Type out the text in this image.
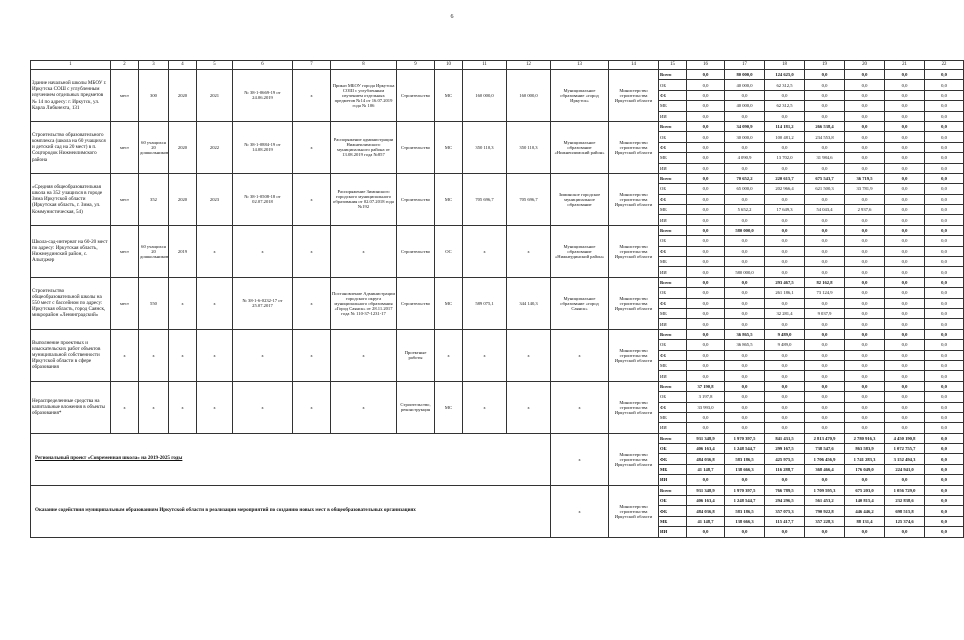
6
1	2	3	4	5	6	7	8	9	10	11	12	13	14	15	16	17	18	19	20	21	22
Здание начальной школы МБОУ г. Иркутска СОШ с углубленным изучением отдельных предметов № 14 по адресу: г. Иркутск, ул. Карла Либкнехта, 131	мест	300	2020	2021	№ 38-1-0669-19 от 24.06.2019	x	Приказ МБОУ города Иркутска СОШ с углубленным изучением отдельных предметов №14 от 16.07.2019 года № 106	Строительство	МС	160 000,0	160 000,0	Муниципальное образование «город Иркутск»	Министерство строительства Иркутской области	Всего	0,0	80 000,0	124 625,0	0,0	0,0	0,0	0,0
														ОБ	0,0	40 000,0	62 312,5	0,0	0,0	0,0	0,0
														ФБ	0,0	0,0	0,0	0,0	0,0	0,0	0,0
														МБ	0,0	40 000,0	62 312,5	0,0	0,0	0,0	0,0
														ИИ	0,0	0,0	0,0	0,0	0,0	0,0	0,0
Строительство образовательного комплекса (школа на 60 учащихся и детский сад на 20 мест) в п. Соцгородок Нижнеилимского района	мест	60 учащихся 20 дошкольников	2020	2022	№ 38-1-0884-19 от 14.08.2019	x	Распоряжение администрации Нижнеилимского муниципального района от 13.08.2019 года №857	Строительство	МС	350 110,3	350 110,3	Муниципальное образование «Нижнеилимский район»	Министерство строительства Иркутской области	Всего	0,0	34 090,9	114 181,2	266 538,4	0,0	0,0	0,0
														ОБ	0,0	30 000,0	100 481,2	234 553,8	0,0	0,0	0,0
														ФБ	0,0	0,0	0,0	0,0	0,0	0,0	0,0
														МБ	0,0	4 090,9	13 702,0	31 984,6	0,0	0,0	0,0
														ИИ	0,0	0,0	0,0	0,0	0,0	0,0	0,0
«Средняя общеобразовательная школа на 352 учащихся в городе Зима Иркутской области (Иркутская область, г. Зима, ул. Коммунистическая, 54)	мест	352	2020	2023	№ 38-1-0508-18 от 02.07.2018	x	Распоряжение Зиминского городского муниципального образования от 02.07.2018 года №192	Строительство	МС	705 696,7	705 696,7	Зиминское городское муниципальное образование	Министерство строительства Иркутской области	Всего	0,0	70 652,2	220 615,7	675 543,7	36 719,5	0,0	0,0
														ОБ	0,0	65 000,0	202 966,4	621 500,3	33 781,9	0,0	0,0
														ФБ	0,0	0,0	0,0	0,0	0,0	0,0	0,0
														МБ	0,0	5 652,2	17 649,3	54 043,4	2 937,6	0,0	0,0
														ИИ	0,0	0,0	0,0	0,0	0,0	0,0	0,0
Школа-сад-интернат на 60-20 мест по адресу: Иркутская область, Нижнеудинский район, с. Алыгджер	мест	60 учащихся 20 дошкольников	2019	x	x	x	x	Строительство	ОС	x	x	Муниципальное образование «Нижнеудинский район»	Министерство строительства Иркутской области	Всего	0,0	580 000,0	0,0	0,0	0,0	0,0	0,0
														ОБ	0,0	0,0	0,0	0,0	0,0	0,0	0,0
														ФБ	0,0	0,0	0,0	0,0	0,0	0,0	0,0
														МБ	0,0	0,0	0,0	0,0	0,0	0,0	0,0
														ИИ	0,0	580 000,0	0,0	0,0	0,0	0,0	0,0
Строительство общеобразовательной школы на 550 мест с бассейном по адресу: Иркутская область, город Саянск, микрорайон «Ленинградский»	мест	550	x	x	№ 38-1-6-0232-17 от 25.07.2017	x	Постановление Администрации городского округа муниципального образования «Город Саянск» от 28.11.2017 года № 110-37-1231-17	Строительство	МС	589 075,1	344 140,3	Муниципальное образование «город Саянск»	Министерство строительства Иркутской области	Всего	0,0	0,0	293 467,5	82 162,8	0,0	0,0	0,0
														ОБ	0,0	0,0	261 186,1	73 124,9	0,0	0,0	0,0
														ФБ	0,0	0,0	0,0	0,0	0,0	0,0	0,0
														МБ	0,0	0,0	32 281,4	9 037,9	0,0	0,0	0,0
														ИИ	0,0	0,0	0,0	0,0	0,0	0,0	0,0
Выполнение проектных и изыскательских работ объектов муниципальной собственности Иркутской области в сфере образования	x	x	x	x	x	x	x	Проектные работы	x	x	x	x	Министерство строительства Иркутской области	Всего	0,0	36 865,5	9 489,0	0,0	0,0	0,0	0,0
														ОБ	0,0	36 865,5	9 489,0	0,0	0,0	0,0	0,0
														ФБ	0,0	0,0	0,0	0,0	0,0	0,0	0,0
														МБ	0,0	0,0	0,0	0,0	0,0	0,0	0,0
														ИИ	0,0	0,0	0,0	0,0	0,0	0,0	0,0
Нераспределенные средства на капитальные вложения в объекты образования*	x	x	x	x	x	x	x	Строительство, реконструкция	МС	x	x	x	Министерство строительства Иркутской области	Всего	37 190,8	0,0	0,0	0,0	0,0	0,0	0,0
														ОБ	3 197,8	0,0	0,0	0,0	0,0	0,0	0,0
														ФБ	33 993,0	0,0	0,0	0,0	0,0	0,0	0,0
														МБ	0,0	0,0	0,0	0,0	0,0	0,0	0,0
														ИИ	0,0	0,0	0,0	0,0	0,0	0,0	0,0
Региональный проект «Современная школа» на 2019-2025 годы												x	Министерство строительства Иркутской области	Всего	931 348,9	1 970 397,5	841 431,5	2 813 470,9	2 780 916,3	4 450 190,8	0,0
														ОБ	406 163,4	1 248 544,7	299 167,5	738 547,6	863 583,9	1 072 755,7	0,0
														ФБ	484 036,8	583 186,5	425 975,5	1 706 456,9	1 741 283,3	3 152 494,3	0,0
														МБ	41 148,7	138 666,3	116 288,7	368 466,4	176 049,0	224 941,0	0,0
														ИИ	0,0	0,0	0,0	0,0	0,0	0,0	0,0
Оказание содействия муниципальным образованиям Иркутской области в реализации мероприятий по созданию новых мест в общеобразовательных организациях												x	Министерство строительства Иркутской области	Всего	931 348,9	1 970 397,5	766 789,5	1 709 595,3	675 203,0	1 056 729,0	0,0
														ОБ	406 163,4	1 248 544,7	294 296,5	561 453,2	140 815,4	232 838,6	0,0
														ФБ	484 036,8	583 186,5	357 075,3	790 922,8	446 446,2	698 515,8	0,0
														МБ	41 148,7	138 666,3	115 417,7	357 228,3	88 131,4	125 374,6	0,0
														ИИ	0,0	0,0	0,0	0,0	0,0	0,0	0,0
